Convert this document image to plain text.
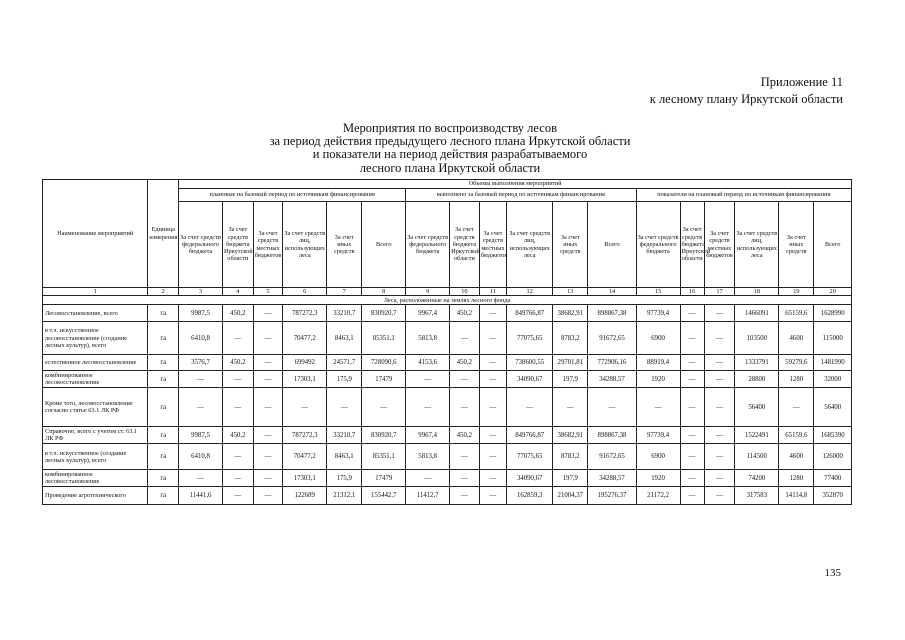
Приложение 11
к лесному плану Иркутской области
Мероприятия по воспроизводству лесов
за период действия предыдущего лесного плана Иркутской области
и показатели на период действия разрабатываемого
лесного плана Иркутской области
Наименование мероприятий	Единица измерения	Объемы выполнения мероприятий																	
		плановые на базовый период по источникам финансирования						выполнено за базовый период по источникам финансирования						показатели на плановый период по источникам финансирования					
		За счет средств федерального бюджета	За счет средств бюджета Иркутской области	За счет средств местных бюджетов	За счет средств лиц, использующих леса	За счет иных средств	Всего	За счет средств федерального бюджета	За счет средств бюджета Иркутской области	За счет средств местных бюджетов	За счет средств лиц, использующих леса	За счет иных средств	Всего	За счет средств федерального бюджета	За счет средств бюджета Иркутской области	За счет средств местных бюджетов	За счет средств лиц, использующих леса	За счет иных средств	Всего
1	2	3	4	5	6	7	8	9	10	11	12	13	14	15	16	17	18	19	20
Леса, расположенные на землях лесного фонда																			
Лесовосстановление, всего	га	9987,5	450,2	—	787272,3	33210,7	830920,7	9967,4	450,2	—	849766,87	38682,91	898867,38	97739,4	—	—	1466091	65159,6	1628990
в т.ч. искусственное лесовосстановление (создание лесных культур), всего	га	6410,8	—	—	70477,2	8463,1	85351,1	5813,8	—	—	77075,65	8783,2	91672,65	6900	—	—	103500	4600	115000
естественное лесовосстановление	га	3576,7	450,2	—	699492	24571,7	728090,6	4153,6	450,2	—	738600,55	29701,81	772906,16	88919,4	—	—	1333791	59279,6	1481990
комбинированное лесовосстановление	га	—	—	—	17303,1	175,9	17479	—	—	—	34090,67	197,9	34288,57	1920	—	—	28800	1280	32000
Кроме того, лесовосстановление согласно статье 63.1 ЛК РФ	га	—	—	—	—	—	—	—	—	—	—	—	—	—	—	—	56400	—	56400
Справочно, всего с учетом ст. 63.1 ЛК РФ	га	9987,5	450,2	—	787272,3	33210,7	830920,7	9967,4	450,2	—	849766,87	38682,91	898867,38	97739,4	—	—	1522491	65159,6	1685390
в т.ч. искусственное (создание лесных культур), всего	га	6410,8	—	—	70477,2	8463,1	85351,1	5813,8	—	—	77075,65	8783,2	91672,65	6900	—	—	114500	4600	126000
комбинированное лесовосстановление	га	—	—	—	17303,1	175,9	17479	—	—	—	34090,67	197,9	34288,57	1920	—	—	74200	1280	77400
Проведение агротехнического	га	11441,6	—	—	122689	21312,1	155442,7	11412,7	—	—	162859,3	21004,37	195276,37	21172,2	—	—	317583	14114,8	352870
135
